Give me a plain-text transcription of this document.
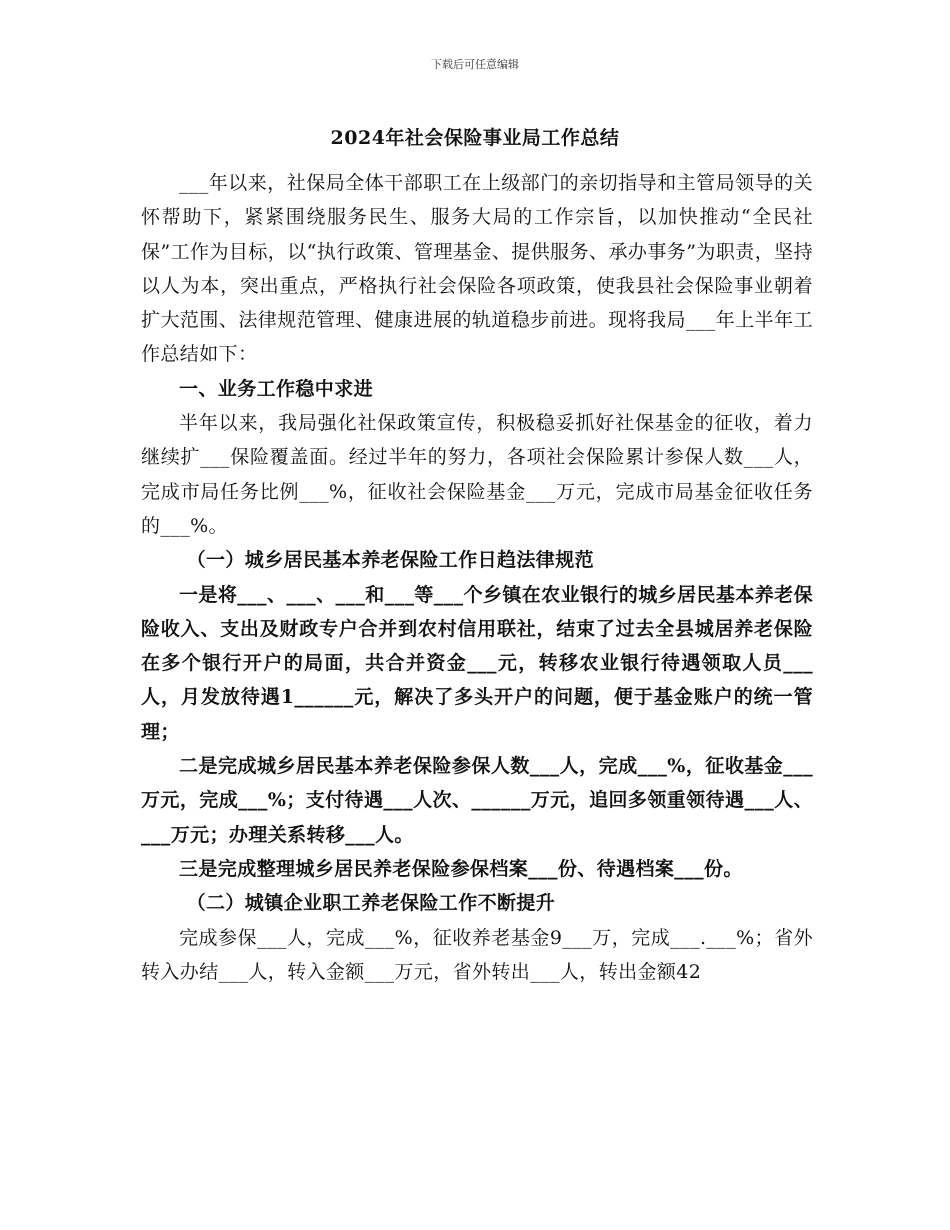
下载后可任意编辑
2024年社会保险事业局工作总结

___年以来，社保局全体干部职工在上级部门的亲切指导和主管局领导的关怀帮助下，紧紧围绕服务民生、服务大局的工作宗旨，以加快推动“全民社保”工作为目标，以“执行政策、管理基金、提供服务、承办事务”为职责，坚持以人为本，突出重点，严格执行社会保险各项政策，使我县社会保险事业朝着扩大范围、法律规范管理、健康进展的轨道稳步前进。现将我局___年上半年工作总结如下：

一、业务工作稳中求进

半年以来，我局强化社保政策宣传，积极稳妥抓好社保基金的征收，着力继续扩___保险覆盖面。经过半年的努力，各项社会保险累计参保人数___人，完成市局任务比例___%，征收社会保险基金___万元，完成市局基金征收任务的___%。

（一）城乡居民基本养老保险工作日趋法律规范

一是将___、___、___和___等___个乡镇在农业银行的城乡居民基本养老保险收入、支出及财政专户合并到农村信用联社，结束了过去全县城居养老保险在多个银行开户的局面，共合并资金___元，转移农业银行待遇领取人员___人，月发放待遇1______元，解决了多头开户的问题，便于基金账户的统一管理；

二是完成城乡居民基本养老保险参保人数___人，完成___%，征收基金___万元，完成___%；支付待遇___人次、______万元，追回多领重领待遇___人、___万元；办理关系转移___人。

三是完成整理城乡居民养老保险参保档案___份、待遇档案___份。

（二）城镇企业职工养老保险工作不断提升

完成参保___人，完成___%，征收养老基金9___万，完成___.___%；省外转入办结___人，转入金额___万元，省外转出___人，转出金额42
